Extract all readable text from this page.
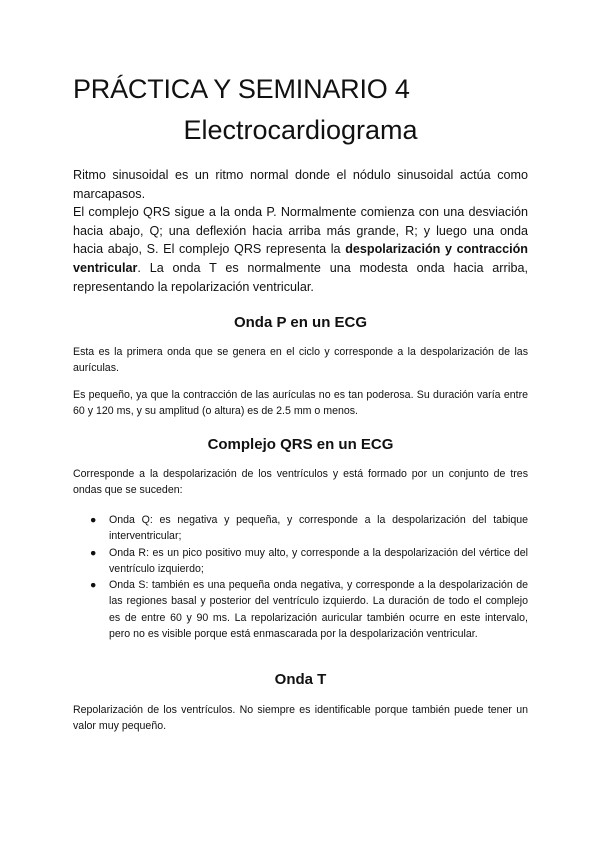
PRÁCTICA Y SEMINARIO 4
Electrocardiograma

Ritmo sinusoidal es un ritmo normal donde el nódulo sinusoidal actúa como marcapasos.

El complejo QRS sigue a la onda P. Normalmente comienza con una desviación hacia abajo, Q; una deflexión hacia arriba más grande, R; y luego una onda hacia abajo, S. El complejo QRS representa la despolarización y contracción ventricular. La onda T es normalmente una modesta onda hacia arriba, representando la repolarización ventricular.

Onda P en un ECG

Esta es la primera onda que se genera en el ciclo y corresponde a la despolarización de las aurículas.

Es pequeño, ya que la contracción de las aurículas no es tan poderosa. Su duración varía entre 60 y 120 ms, y su amplitud (o altura) es de 2.5 mm o menos.

Complejo QRS en un ECG

Corresponde a la despolarización de los ventrículos y está formado por un conjunto de tres ondas que se suceden:

● Onda Q: es negativa y pequeña, y corresponde a la despolarización del tabique interventricular;
● Onda R: es un pico positivo muy alto, y corresponde a la despolarización del vértice del ventrículo izquierdo;
● Onda S: también es una pequeña onda negativa, y corresponde a la despolarización de las regiones basal y posterior del ventrículo izquierdo. La duración de todo el complejo es de entre 60 y 90 ms. La repolarización auricular también ocurre en este intervalo, pero no es visible porque está enmascarada por la despolarización ventricular.
Onda T

Repolarización de los ventrículos. No siempre es identificable porque también puede tener un valor muy pequeño.
